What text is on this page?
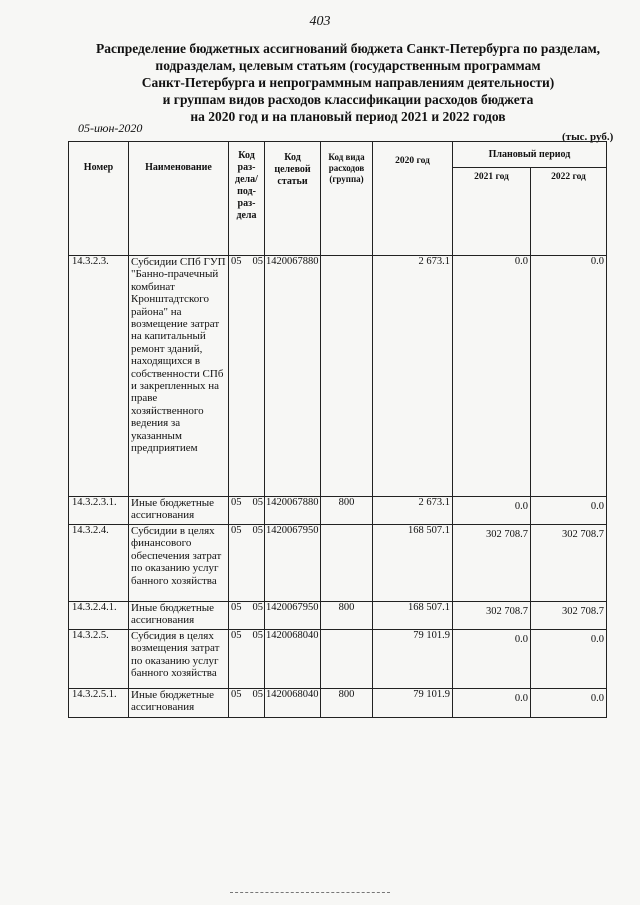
403
Распределение бюджетных ассигнований бюджета Санкт-Петербурга по разделам,
подразделам, целевым статьям (государственным программам
Санкт-Петербурга и непрограммным направлениям деятельности)
и группам видов расходов классификации расходов бюджета
на 2020 год и на плановый период 2021 и 2022 годов
05-июн-2020
(тыс. руб.)
Номер	Наименование	Код раз-дела/ под-раз-дела	Код целевой статьи	Код вида расходов (группа)	2020 год	Плановый период	
						2021 год	2022 год
14.3.2.3.	Субсидии СПб ГУП "Банно-прачечный комбинат Кронштадтского района" на возмещение затрат на капитальный ремонт зданий, находящихся в собственности СПб и закрепленных на праве хозяйственного ведения за указанным предприятием	05 05	1420067880		2 673.1	0.0	0.0
14.3.2.3.1.	Иные бюджетные ассигнования	05 05	1420067880	800	2 673.1	0.0	0.0
14.3.2.4.	Субсидии в целях финансового обеспечения затрат по оказанию услуг банного хозяйства	05 05	1420067950		168 507.1	302 708.7	302 708.7
14.3.2.4.1.	Иные бюджетные ассигнования	05 05	1420067950	800	168 507.1	302 708.7	302 708.7
14.3.2.5.	Субсидия в целях возмещения затрат по оказанию услуг банного хозяйства	05 05	1420068040		79 101.9	0.0	0.0
14.3.2.5.1.	Иные бюджетные ассигнования	05 05	1420068040	800	79 101.9	0.0	0.0
